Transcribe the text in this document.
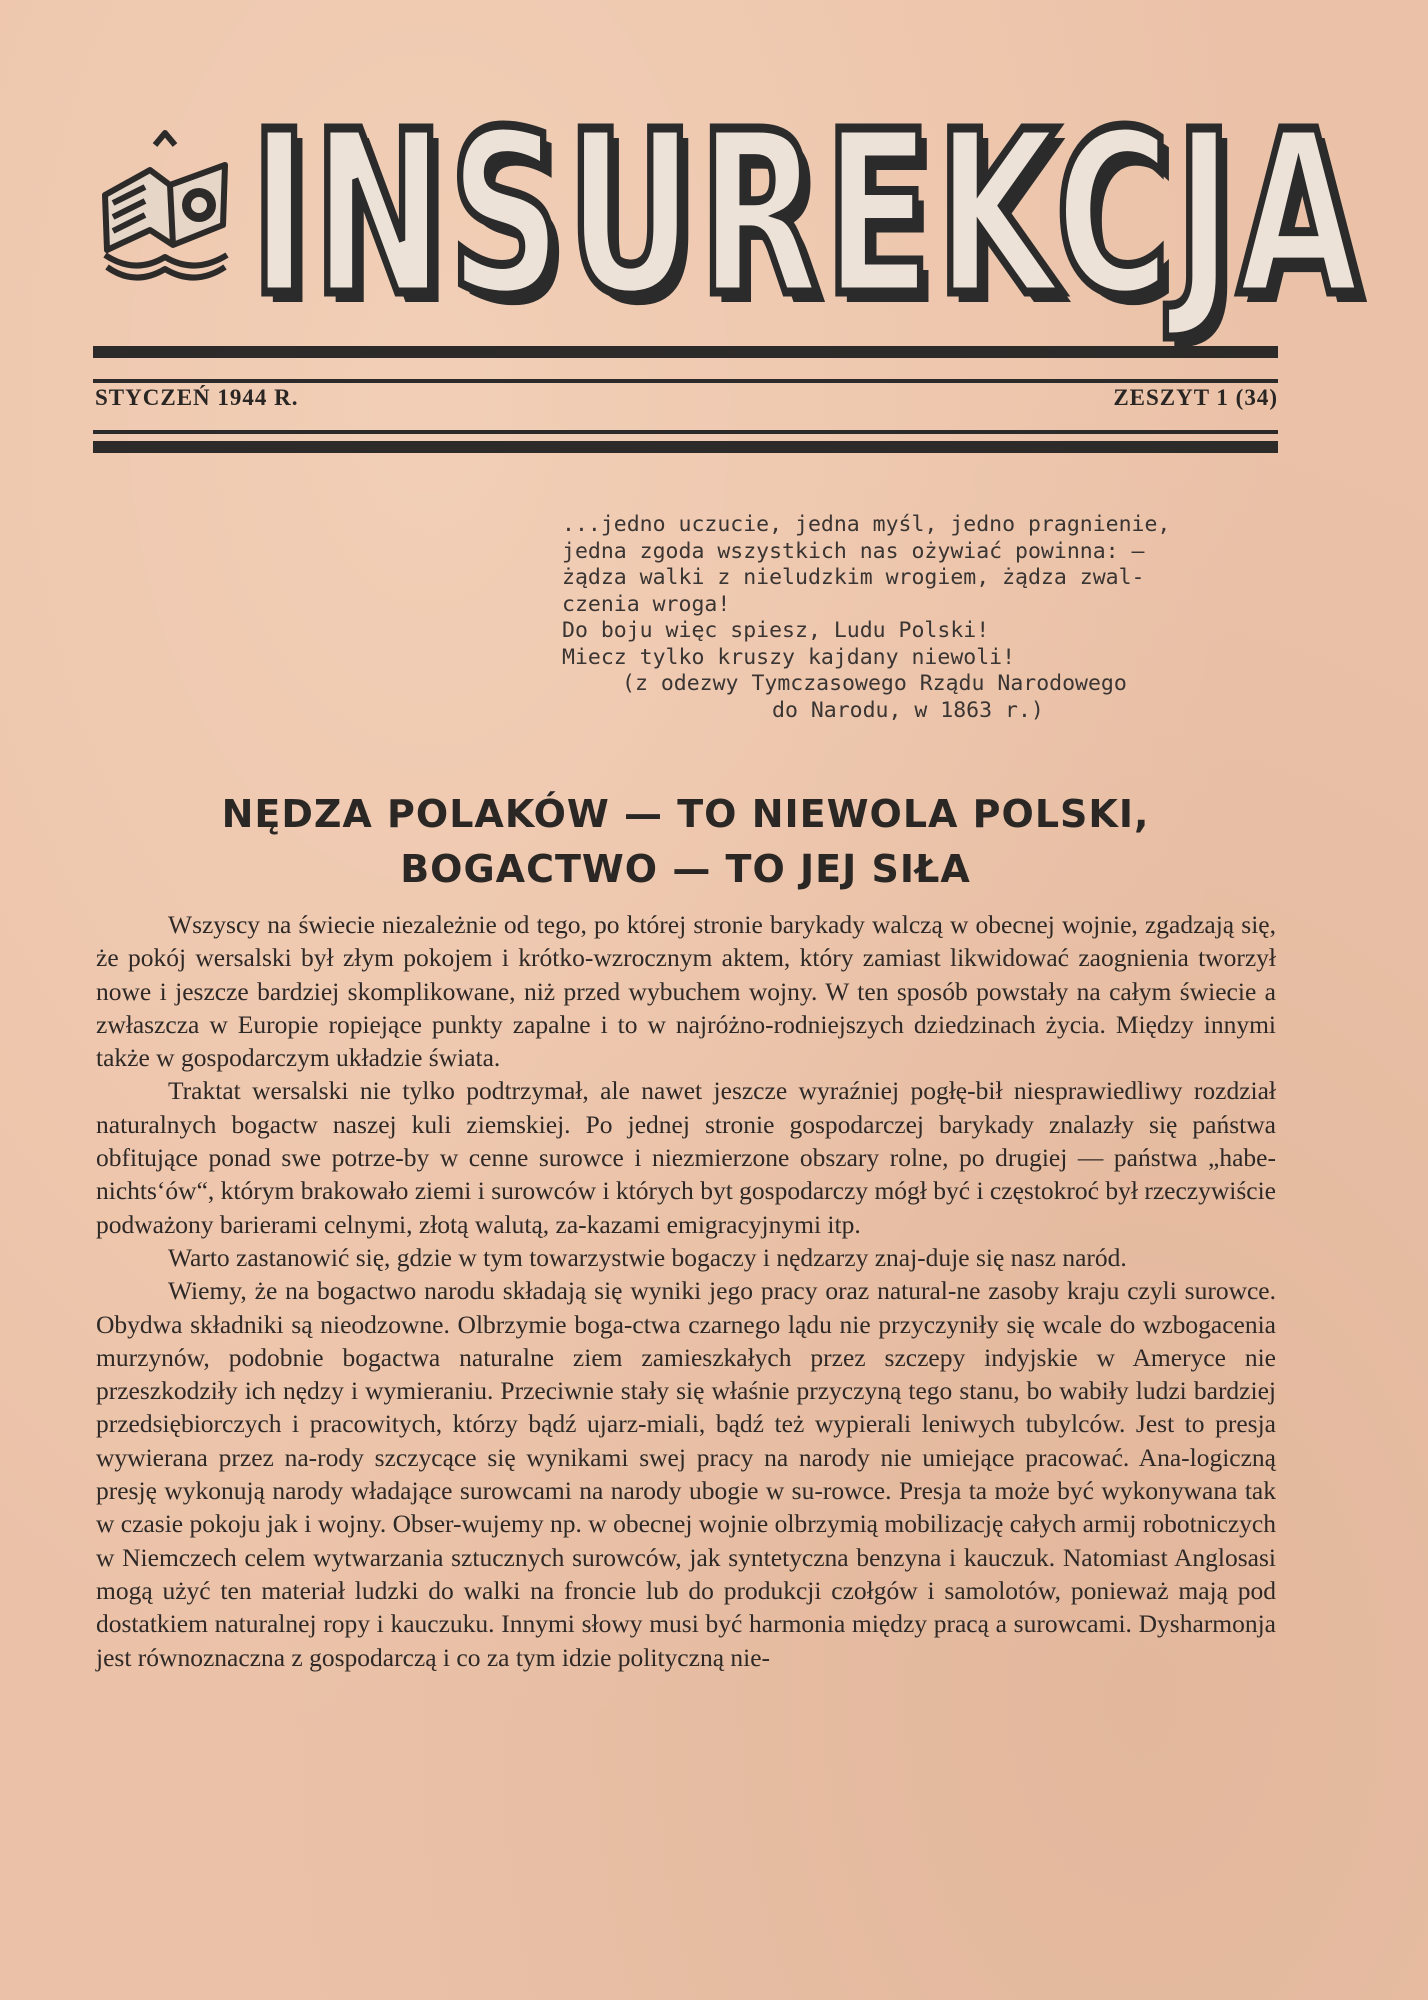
INSUREKCJA
STYCZEŃ 1944 R.	ZESZYT 1 (34)
...jedno uczucie, jedna myśl, jedno pragnienie,
jedna zgoda wszystkich nas ożywiać powinna: —
żądza walki z nieludzkim wrogiem, żądza zwal-
czenia wroga!
Do boju więc spiesz, Ludu Polski!
Miecz tylko kruszy kajdany niewoli!
(z odezwy Tymczasowego Rządu Narodowego
do Narodu, w 1863 r.)
NĘDZA POLAKÓW — TO NIEWOLA POLSKI,
BOGACTWO — TO JEJ SIŁA

Wszyscy na świecie niezależnie od tego, po której stronie barykady walczą w obecnej wojnie, zgadzają się, że pokój wersalski był złym pokojem i krótko-wzrocznym aktem, który zamiast likwidować zaognienia tworzył nowe i jeszcze bardziej skomplikowane, niż przed wybuchem wojny. W ten sposób powstały na całym świecie a zwłaszcza w Europie ropiejące punkty zapalne i to w najróżno-rodniejszych dziedzinach życia. Między innymi także w gospodarczym układzie świata.

Traktat wersalski nie tylko podtrzymał, ale nawet jeszcze wyraźniej pogłę-bił niesprawiedliwy rozdział naturalnych bogactw naszej kuli ziemskiej. Po jednej stronie gospodarczej barykady znalazły się państwa obfitujące ponad swe potrze-by w cenne surowce i niezmierzone obszary rolne, po drugiej — państwa „habe-nichts‘ów“, którym brakowało ziemi i surowców i których byt gospodarczy mógł być i częstokroć był rzeczywiście podważony barierami celnymi, złotą walutą, za-kazami emigracyjnymi itp.

Warto zastanowić się, gdzie w tym towarzystwie bogaczy i nędzarzy znaj-duje się nasz naród.

Wiemy, że na bogactwo narodu składają się wyniki jego pracy oraz natural-ne zasoby kraju czyli surowce. Obydwa składniki są nieodzowne. Olbrzymie boga-ctwa czarnego lądu nie przyczyniły się wcale do wzbogacenia murzynów, podobnie bogactwa naturalne ziem zamieszkałych przez szczepy indyjskie w Ameryce nie przeszkodziły ich nędzy i wymieraniu. Przeciwnie stały się właśnie przyczyną tego stanu, bo wabiły ludzi bardziej przedsiębiorczych i pracowitych, którzy bądź ujarz-miali, bądź też wypierali leniwych tubylców. Jest to presja wywierana przez na-rody szczycące się wynikami swej pracy na narody nie umiejące pracować. Ana-logiczną presję wykonują narody władające surowcami na narody ubogie w su-rowce. Presja ta może być wykonywana tak w czasie pokoju jak i wojny. Obser-wujemy np. w obecnej wojnie olbrzymią mobilizację całych armij robotniczych w Niemczech celem wytwarzania sztucznych surowców, jak syntetyczna benzyna i kauczuk. Natomiast Anglosasi mogą użyć ten materiał ludzki do walki na froncie lub do produkcji czołgów i samolotów, ponieważ mają pod dostatkiem naturalnej ropy i kauczuku. Innymi słowy musi być harmonia między pracą a surowcami. Dysharmonja jest równoznaczna z gospodarczą i co za tym idzie polityczną nie-
